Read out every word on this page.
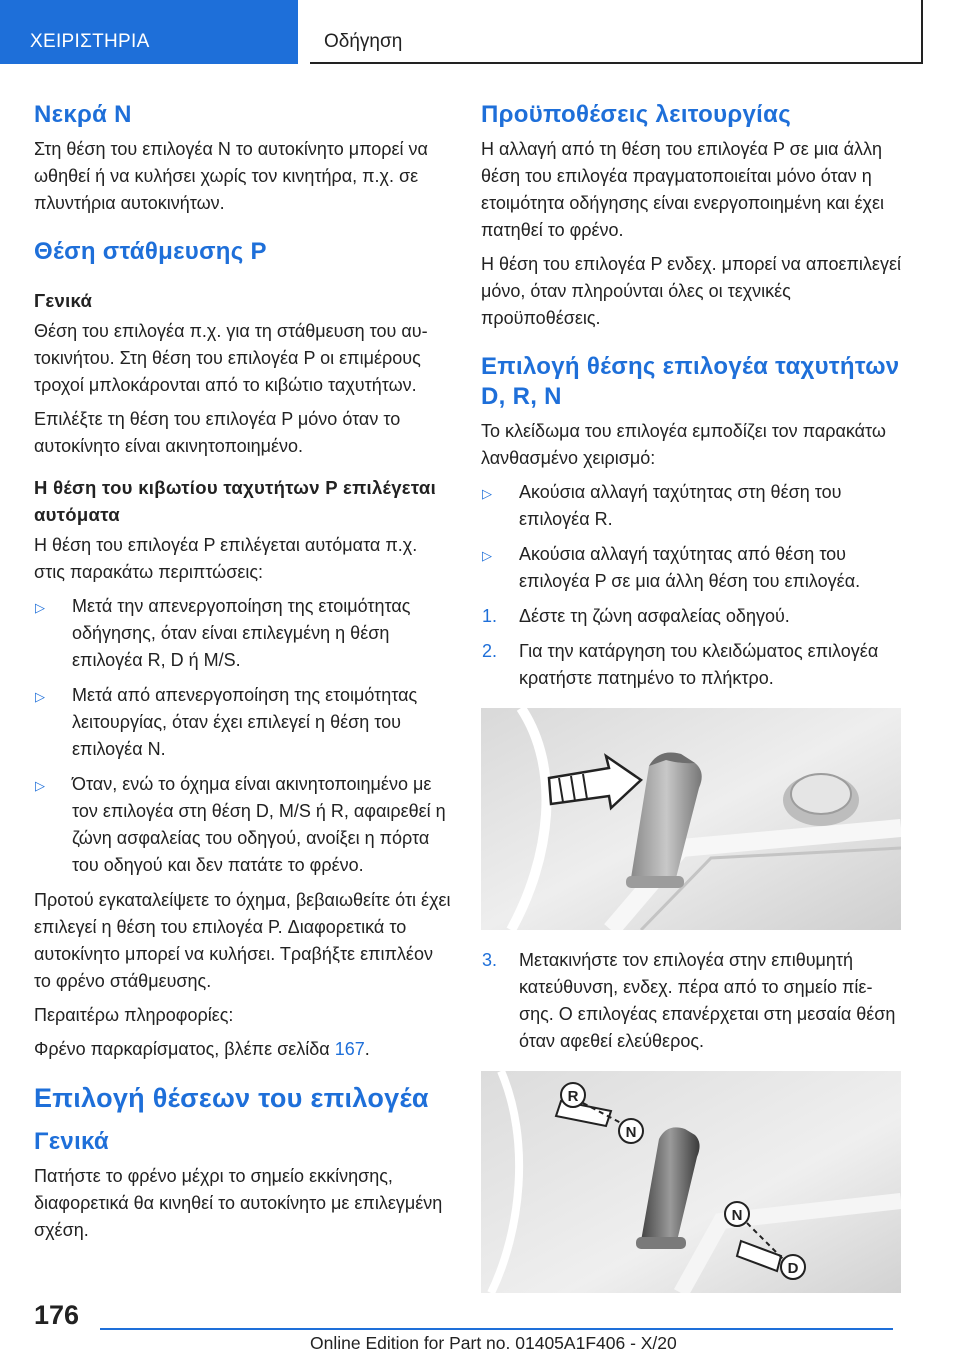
ΧΕΙΡΙΣΤΗΡΙΑ	Οδήγηση
Νεκρά N

Στη θέση του επιλογέα N το αυτοκίνητο μπορεί να ωθηθεί ή να κυλήσει χωρίς τον κινητήρα, π.χ. σε πλυντήρια αυτοκινήτων.

Θέση στάθμευσης P
Γενικά

Θέση του επιλογέα π.χ. για τη στάθμευση του αυτοκινήτου. Στη θέση του επιλογέα P οι επιμέρους τροχοί μπλοκάρονται από το κιβώτιο ταχυτήτων.

Επιλέξτε τη θέση του επιλογέα P μόνο όταν το αυτοκίνητο είναι ακινητοποιημένο.

Η θέση του κιβωτίου ταχυτήτων P επιλέγεται αυτόματα

Η θέση του επιλογέα P επιλέγεται αυτόματα π.χ. στις παρακάτω περιπτώσεις:

▷ Μετά την απενεργοποίηση της ετοιμότητας οδήγησης, όταν είναι επιλεγμένη η θέση επιλογέα R, D ή M/S.
▷ Μετά από απενεργοποίηση της ετοιμότητας λειτουργίας, όταν έχει επιλεγεί η θέση του επιλογέα N.
▷ Όταν, ενώ το όχημα είναι ακινητοποιημένο με τον επιλογέα στη θέση D, M/S ή R, αφαιρεθεί η ζώνη ασφαλείας του οδηγού, ανοίξει η πόρτα του οδηγού και δεν πατάτε το φρένο.

Προτού εγκαταλείψετε το όχημα, βεβαιωθείτε ότι έχει επιλεγεί η θέση του επιλογέα P. Διαφορετικά το αυτοκίνητο μπορεί να κυλήσει. Τραβήξτε επιπλέον το φρένο στάθμευσης.

Περαιτέρω πληροφορίες:

Φρένο παρκαρίσματος, βλέπε σελίδα 167.

Επιλογή θέσεων του επιλογέα
Γενικά

Πατήστε το φρένο μέχρι το σημείο εκκίνησης, διαφορετικά θα κινηθεί το αυτοκίνητο με επιλεγμένη σχέση.

Προϋποθέσεις λειτουργίας

Η αλλαγή από τη θέση του επιλογέα P σε μια άλλη θέση του επιλογέα πραγματοποιείται μόνο όταν η ετοιμότητα οδήγησης είναι ενεργοποιημένη και έχει πατηθεί το φρένο.

Η θέση του επιλογέα P ενδεχ. μπορεί να αποεπιλεγεί μόνο, όταν πληρούνται όλες οι τεχνικές προϋποθέσεις.

Επιλογή θέσης επιλογέα ταχυτήτων D, R, N

Το κλείδωμα του επιλογέα εμποδίζει τον παρακάτω λανθασμένο χειρισμό:

▷ Ακούσια αλλαγή ταχύτητας στη θέση του επιλογέα R.
▷ Ακούσια αλλαγή ταχύτητας από θέση του επιλογέα P σε μια άλλη θέση του επιλογέα.
1. Δέστε τη ζώνη ασφαλείας οδηγού.
2. Για την κατάργηση του κλειδώματος επιλογέα κρατήστε πατημένο το πλήκτρο.
3. Μετακινήστε τον επιλογέα στην επιθυμητή κατεύθυνση, ενδεχ. πέρα από το σημείο πίεσης. Ο επιλογέας επανέρχεται στη μεσαία θέση όταν αφεθεί ελεύθερος.
R
N
N
D
176
Online Edition for Part no. 01405A1F406 - X/20
